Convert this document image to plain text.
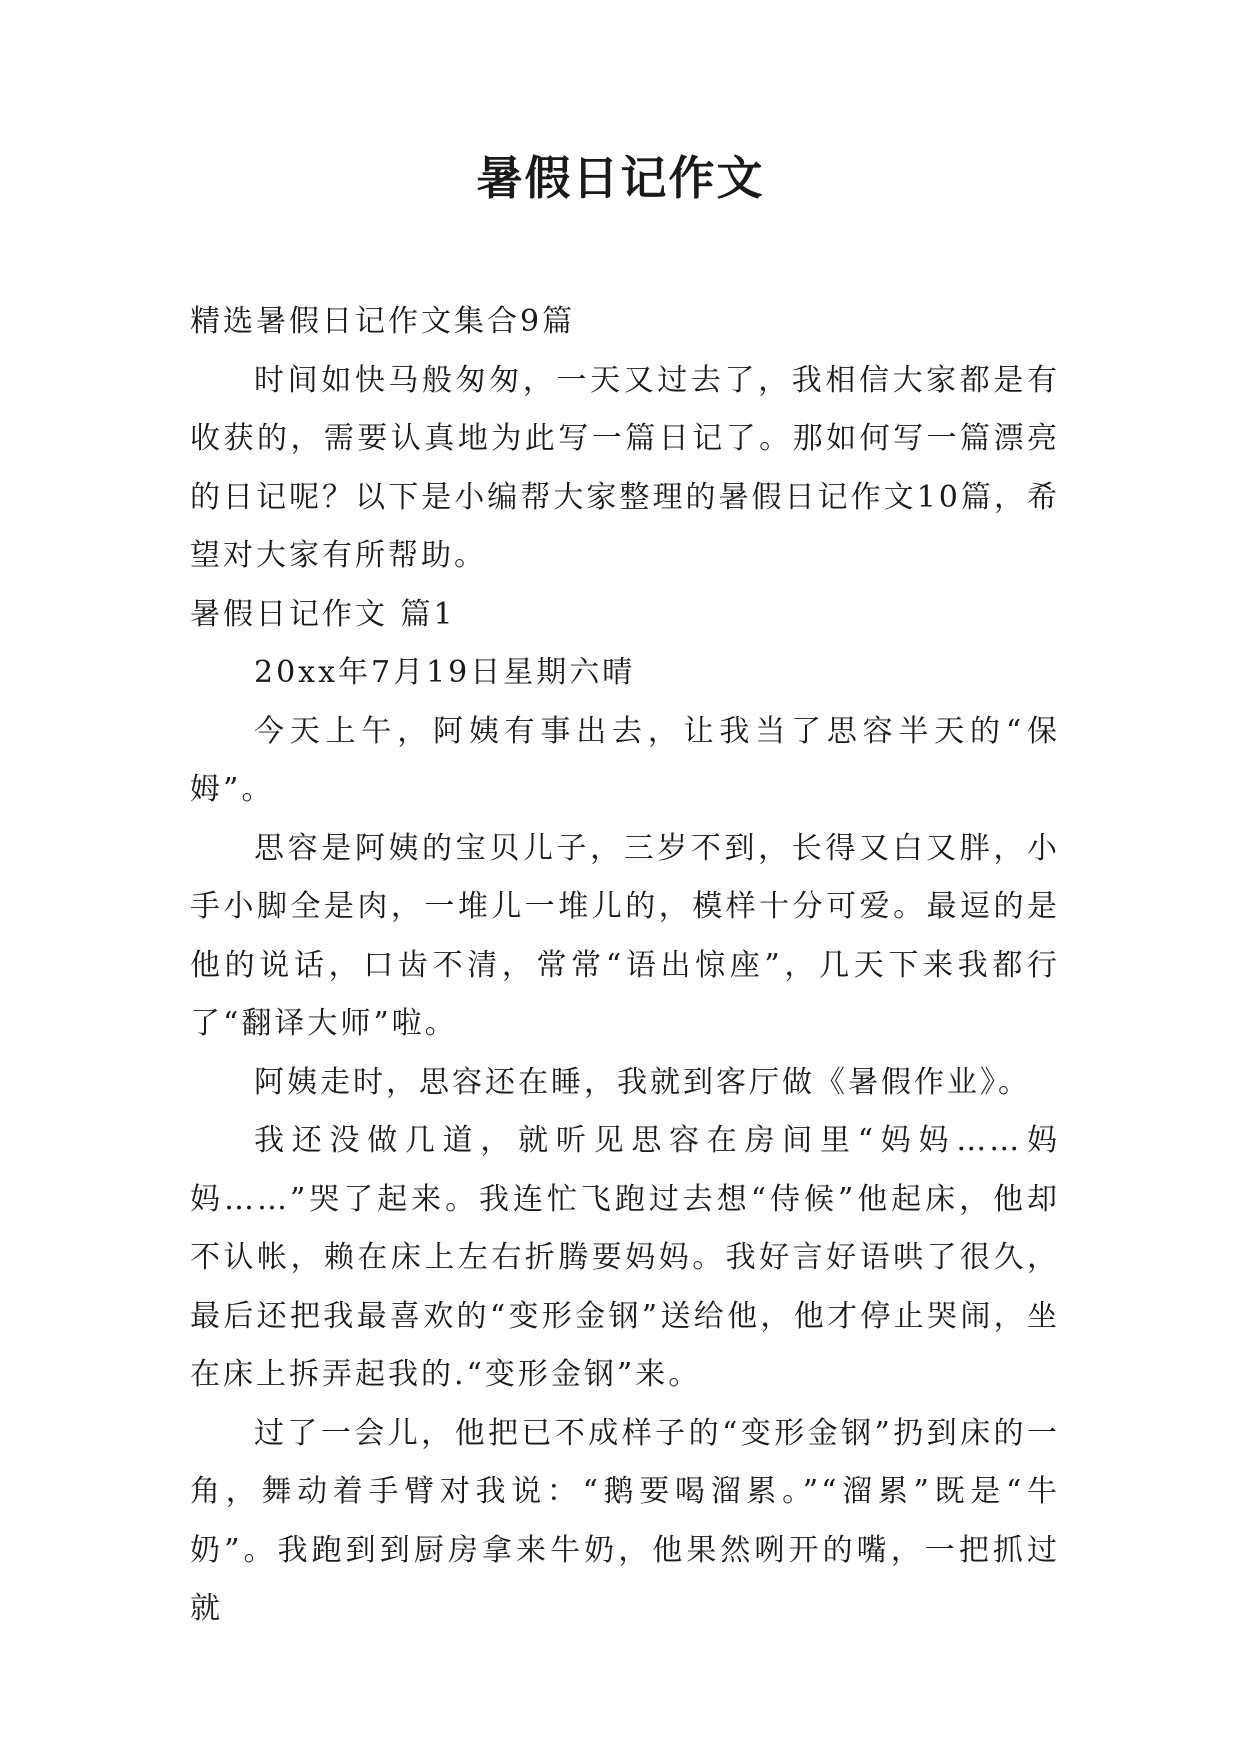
暑假日记作文

精选暑假日记作文集合9篇

时间如快马般匆匆，一天又过去了，我相信大家都是有收获的，需要认真地为此写一篇日记了。那如何写一篇漂亮的日记呢？以下是小编帮大家整理的暑假日记作文10篇，希望对大家有所帮助。

暑假日记作文 篇1

20xx年7月19日星期六晴

今天上午，阿姨有事出去，让我当了思容半天的“保姆”。

思容是阿姨的宝贝儿子，三岁不到，长得又白又胖，小手小脚全是肉，一堆儿一堆儿的，模样十分可爱。最逗的是他的说话，口齿不清，常常“语出惊座”，几天下来我都行了“翻译大师”啦。

阿姨走时，思容还在睡，我就到客厅做《暑假作业》。

我还没做几道，就听见思容在房间里“妈妈……妈妈……”哭了起来。我连忙飞跑过去想“侍候”他起床，他却不认帐，赖在床上左右折腾要妈妈。我好言好语哄了很久，最后还把我最喜欢的“变形金钢”送给他，他才停止哭闹，坐在床上拆弄起我的.“变形金钢”来。

过了一会儿，他把已不成样子的“变形金钢”扔到床的一角，舞动着手臂对我说：“鹅要喝溜累。”“溜累”既是“牛奶”。我跑到到厨房拿来牛奶，他果然咧开的嘴，一把抓过就
